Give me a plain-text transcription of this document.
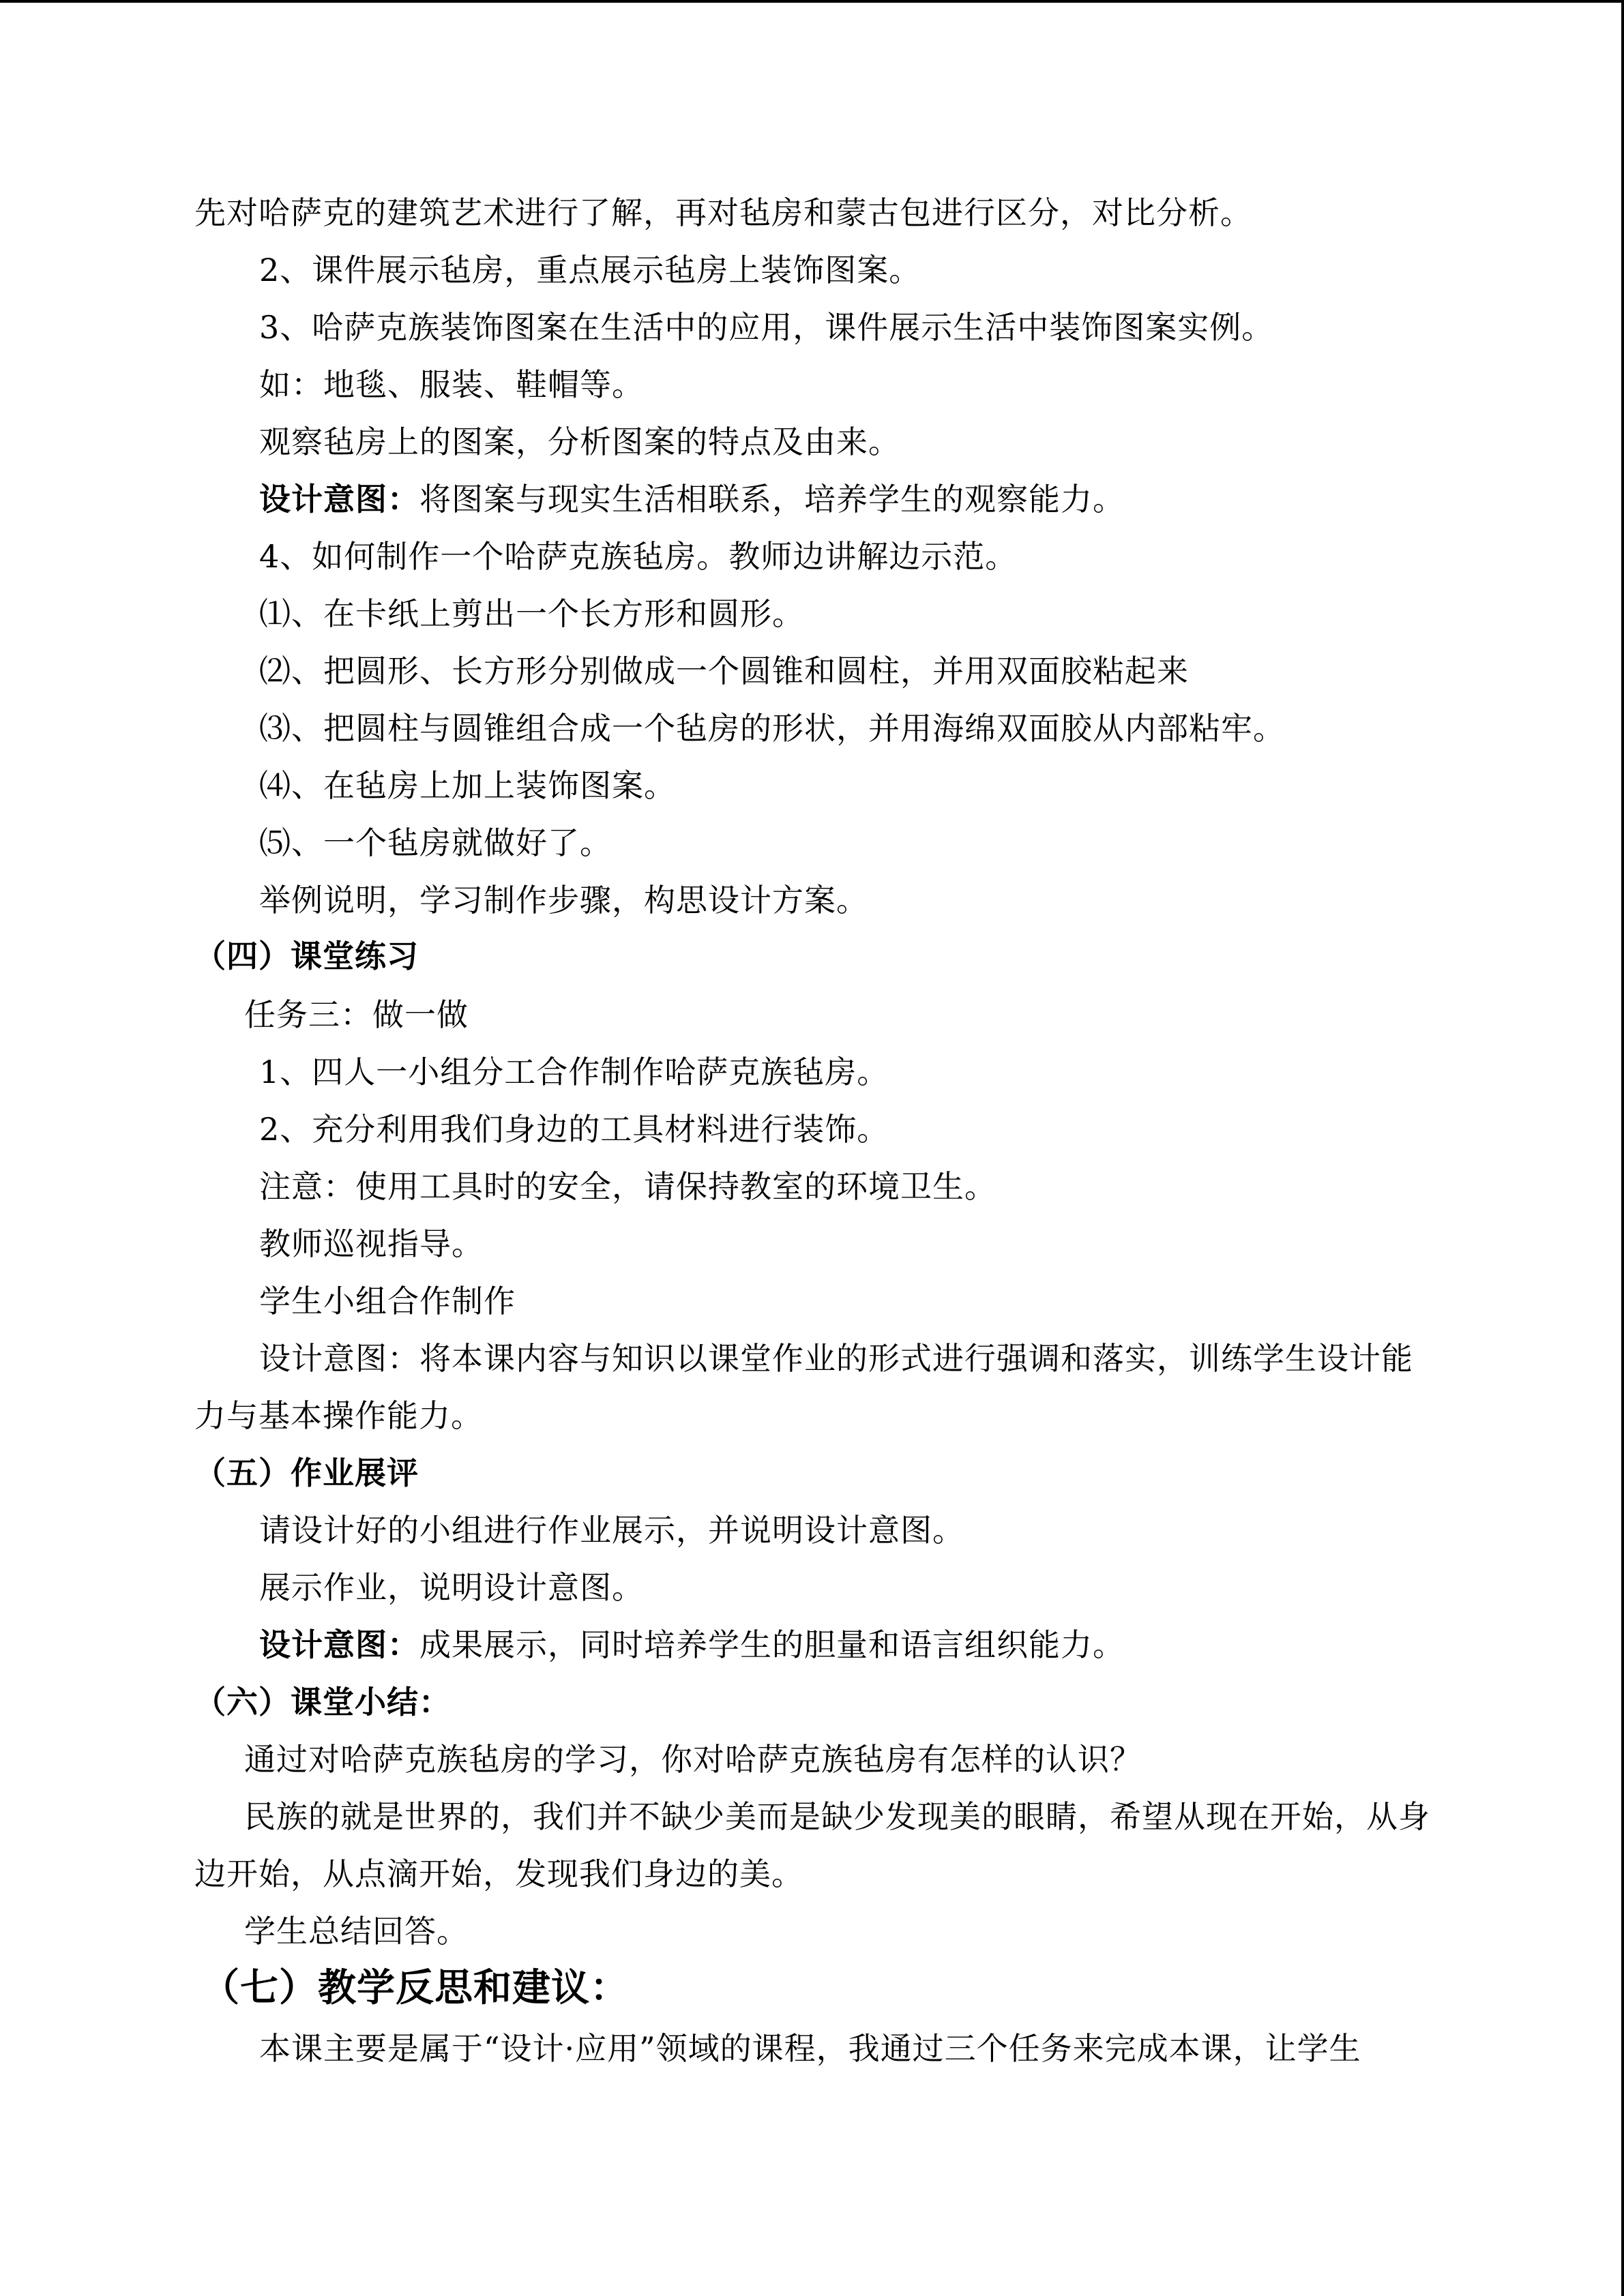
先对哈萨克的建筑艺术进行了解，再对毡房和蒙古包进行区分，对比分析。
2、课件展示毡房，重点展示毡房上装饰图案。
3、哈萨克族装饰图案在生活中的应用，课件展示生活中装饰图案实例。
如：地毯、服装、鞋帽等。
观察毡房上的图案，分析图案的特点及由来。
设计意图：将图案与现实生活相联系，培养学生的观察能力。
4、如何制作一个哈萨克族毡房。教师边讲解边示范。
⑴、在卡纸上剪出一个长方形和圆形。
⑵、把圆形、长方形分别做成一个圆锥和圆柱，并用双面胶粘起来
⑶、把圆柱与圆锥组合成一个毡房的形状，并用海绵双面胶从内部粘牢。
⑷、在毡房上加上装饰图案。
⑸、一个毡房就做好了。
举例说明，学习制作步骤，构思设计方案。
（四）课堂练习
任务三：做一做
1、四人一小组分工合作制作哈萨克族毡房。
2、充分利用我们身边的工具材料进行装饰。
注意：使用工具时的安全，请保持教室的环境卫生。
教师巡视指导。
学生小组合作制作
设计意图：将本课内容与知识以课堂作业的形式进行强调和落实，训练学生设计能
力与基本操作能力。
（五）作业展评
请设计好的小组进行作业展示，并说明设计意图。
展示作业，说明设计意图。
设计意图：成果展示，同时培养学生的胆量和语言组织能力。
（六）课堂小结：
通过对哈萨克族毡房的学习，你对哈萨克族毡房有怎样的认识？
民族的就是世界的，我们并不缺少美而是缺少发现美的眼睛，希望从现在开始，从身
边开始，从点滴开始，发现我们身边的美。
学生总结回答。
（七）教学反思和建议：
本课主要是属于“设计·应用”领域的课程，我通过三个任务来完成本课，让学生
